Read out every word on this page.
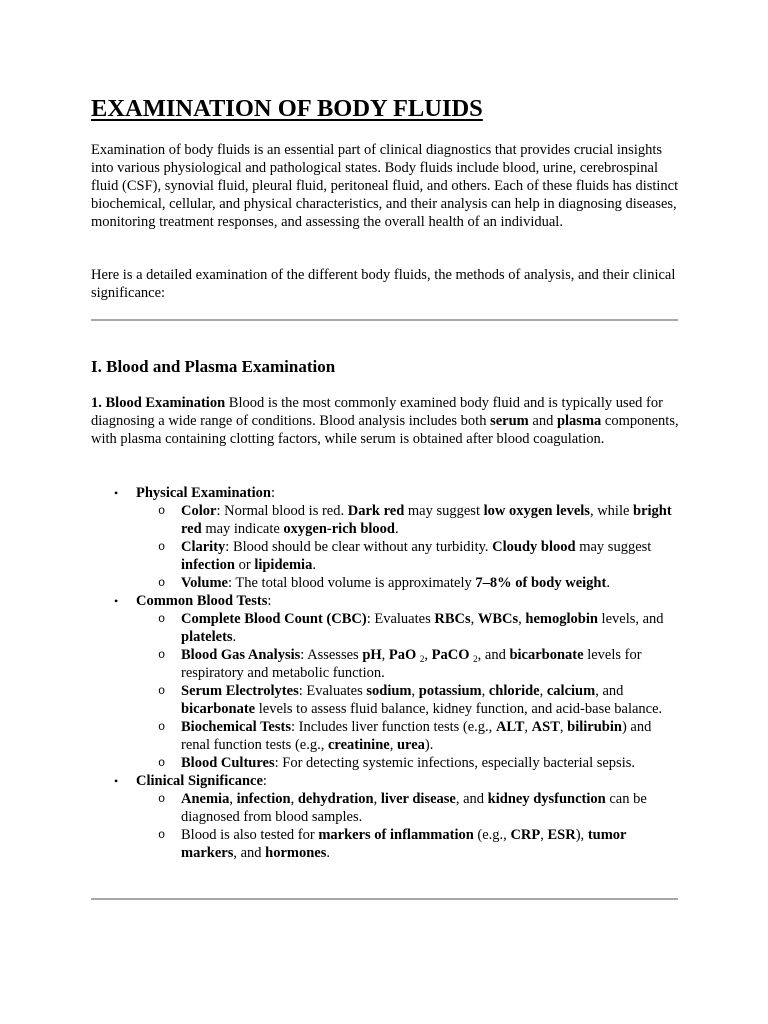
EXAMINATION OF BODY FLUIDS

Examination of body fluids is an essential part of clinical diagnostics that provides crucial insights into various physiological and pathological states. Body fluids include blood, urine, cerebrospinal fluid (CSF), synovial fluid, pleural fluid, peritoneal fluid, and others. Each of these fluids has distinct biochemical, cellular, and physical characteristics, and their analysis can help in diagnosing diseases, monitoring treatment responses, and assessing the overall health of an individual.

Here is a detailed examination of the different body fluids, the methods of analysis, and their clinical significance:

I. Blood and Plasma Examination

1. Blood Examination Blood is the most commonly examined body fluid and is typically used for diagnosing a wide range of conditions. Blood analysis includes both serum and plasma components, with plasma containing clotting factors, while serum is obtained after blood coagulation.

• Physical Examination:
o Color: Normal blood is red. Dark red may suggest low oxygen levels, while bright red may indicate oxygen-rich blood.
o Clarity: Blood should be clear without any turbidity. Cloudy blood may suggest infection or lipidemia.
o Volume: The total blood volume is approximately 7–8% of body weight.
• Common Blood Tests:
o Complete Blood Count (CBC): Evaluates RBCs, WBCs, hemoglobin levels, and platelets.
o Blood Gas Analysis: Assesses pH, PaO $_2$, PaCO $_2$, and bicarbonate levels for respiratory and metabolic function.
o Serum Electrolytes: Evaluates sodium, potassium, chloride, calcium, and bicarbonate levels to assess fluid balance, kidney function, and acid-base balance.
o Biochemical Tests: Includes liver function tests (e.g., ALT, AST, bilirubin) and renal function tests (e.g., creatinine, urea).
o Blood Cultures: For detecting systemic infections, especially bacterial sepsis.
• Clinical Significance:
o Anemia, infection, dehydration, liver disease, and kidney dysfunction can be diagnosed from blood samples.
o Blood is also tested for markers of inflammation (e.g., CRP, ESR), tumor markers, and hormones.
